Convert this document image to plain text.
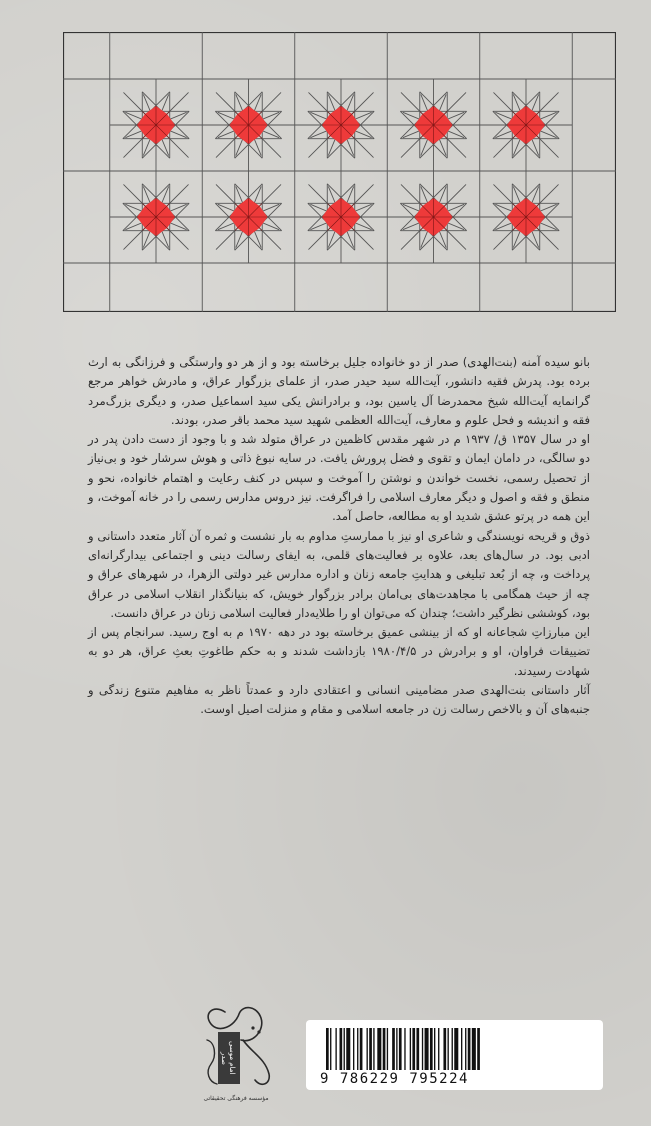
بانو سیده آمنه (بنت‌الهدی) صدر از دو خانواده جلیل برخاسته بود و از هر دو وارستگی و فرزانگی به ارث برده بود. پدرش فقیه دانشور، آیت‌الله سید حیدر صدر، از علمای بزرگوار عراق، و مادرش خواهر مرجع گرانمایه آیت‌الله شیخ محمدرضا آل یاسین بود، و برادرانش یکی سید اسماعیل صدر، و دیگری بزرگ‌مرد فقه و اندیشه و فحل علوم و معارف، آیت‌الله العظمی شهید سید محمد باقر صدر، بودند.

او در سال ۱۳۵۷ ق/ ۱۹۳۷ م در شهر مقدس کاظمین در عراق متولد شد و با وجود از دست دادن پدر در دو سالگی، در دامان ایمان و تقوی و فضل پرورش یافت. در سایه نبوغ ذاتی و هوش سرشار خود و بی‌نیاز از تحصیل رسمی، نخست خواندن و نوشتن را آموخت و سپس در کنف رعایت و اهتمام خانواده، نحو و منطق و فقه و اصول و دیگر معارف اسلامی را فراگرفت. نیز دروس مدارس رسمی را در خانه آموخت، و این همه در پرتو عشق شدید او به مطالعه، حاصل آمد.

ذوق و قریحه نویسندگی و شاعری او نیز با ممارستِ مداوم به بار نشست و ثمره آن آثار متعدد داستانی و ادبی بود. در سال‌های بعد، علاوه بر فعالیت‌های قلمی، به ایفای رسالت دینی و اجتماعی بیدارگرانه‌ای پرداخت و، چه از بُعد تبلیغی و هدایتِ جامعه زنان و اداره مدارس غیر دولتی الزهرا، در شهرهای عراق و چه از حیث همگامی با مجاهدت‌های بی‌امان برادر بزرگوار خویش، که بنیانگذار انقلاب اسلامی در عراق بود، کوششی نظرگیر داشت؛ چندان که می‌توان او را طلایه‌دار فعالیت اسلامی زنان در عراق دانست.

این مبارزاتِ شجاعانه او که از بینشی عمیق برخاسته بود در دهه ۱۹۷۰ م به اوج رسید. سرانجام پس از تضییقات فراوان، او و برادرش در ۱۹۸۰/۴/۵ بازداشت شدند و به حکم طاغوتِ بعثِ عراق، هر دو به شهادت رسیدند.

آثار داستانی بنت‌الهدی صدر مضامینی انسانی و اعتقادی دارد و عمدتاً ناظر به مفاهیم متنوع زندگی و جنبه‌های آن و بالاخص رسالت زن در جامعه اسلامی و مقام و منزلت اصیل اوست.

امام موسی صدر
مؤسسه فرهنگی تحقیقاتی
9 786229 795224
